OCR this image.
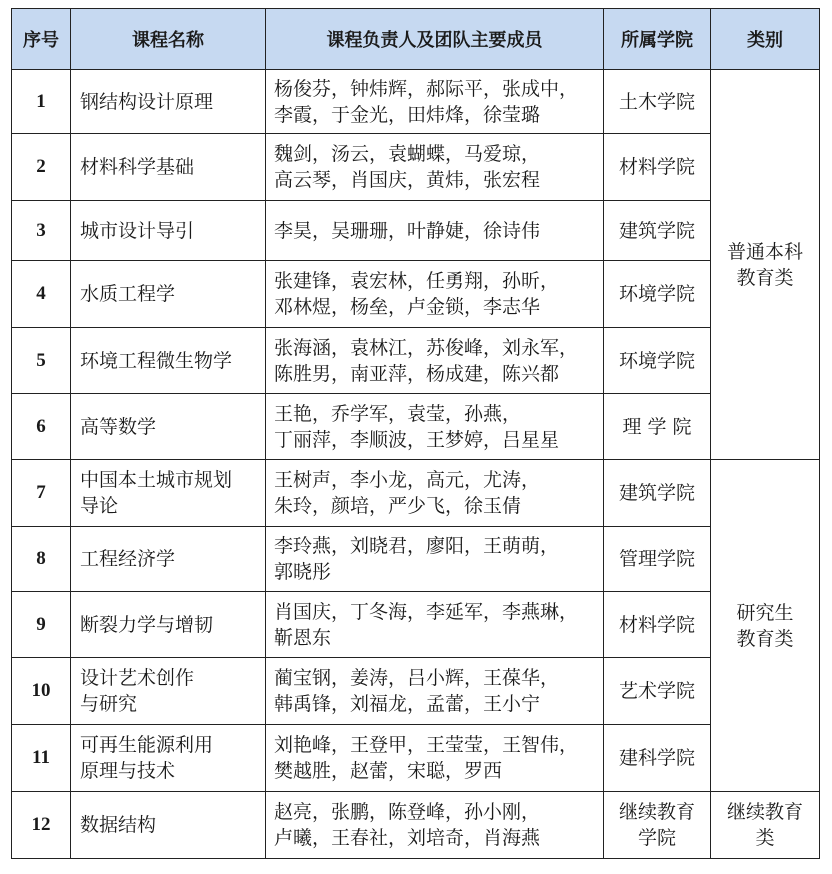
序号	课程名称	课程负责人及团队主要成员	所属学院	类别
1	钢结构设计原理	杨俊芬，钟炜辉，郝际平，张成中，
李霞，于金光，田炜烽，徐莹璐	土木学院	普通本科
教育类

2	材料科学基础	魏剑，汤云，袁蝴蝶，马爱琼，
高云琴，肖国庆，黄炜，张宏程	材料学院	

3	城市设计导引	李昊，吴珊珊，叶静婕，徐诗伟	建筑学院	

4	水质工程学	张建锋，袁宏林，任勇翔，孙昕，
邓林煜，杨垒，卢金锁，李志华	环境学院	

5	环境工程微生物学	张海涵，袁林江，苏俊峰，刘永军，
陈胜男，南亚萍，杨成建，陈兴都	环境学院	

6	高等数学	王艳，乔学军，袁莹，孙燕，
丁丽萍，李顺波，王梦婷，吕星星	理 学 院	

7	中国本土城市规划
导论	王树声，李小龙，高元，尤涛，
朱玲，颜培，严少飞，徐玉倩	建筑学院	研究生
教育类

8	工程经济学	李玲燕，刘晓君，廖阳，王萌萌，
郭晓彤	管理学院	

9	断裂力学与增韧	肖国庆，丁冬海，李延军，李燕琳，
靳恩东	材料学院	

10	设计艺术创作
与研究	蔺宝钢，姜涛，吕小辉，王葆华，
韩禹锋，刘福龙，孟蕾，王小宁	艺术学院	

11	可再生能源利用
原理与技术	刘艳峰，王登甲，王莹莹，王智伟，
樊越胜，赵蕾，宋聪，罗西	建科学院	

12	数据结构	赵亮，张鹏，陈登峰，孙小刚，
卢曦，王春社，刘培奇，肖海燕	继续教育
学院	继续教育
类
